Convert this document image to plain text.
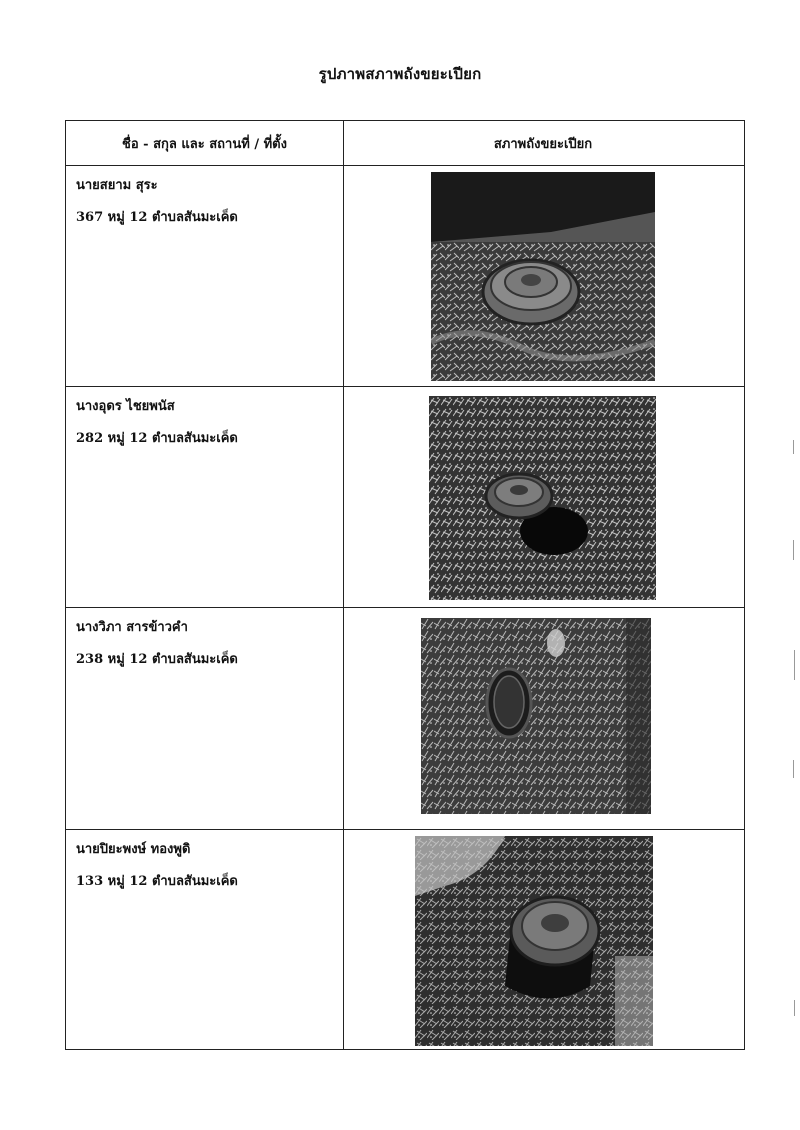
รูปภาพสภาพถังขยะเปียก
ชื่อ - สกุล และ สถานที่ / ที่ตั้ง	สภาพถังขยะเปียก
นายสยาม สุระ
367 หมู่ 12 ตำบลสันมะเค็ด
นางอุดร ไชยพนัส
282 หมู่ 12 ตำบลสันมะเค็ด
นางวิภา สารข้าวคำ
238 หมู่ 12 ตำบลสันมะเค็ด
นายปิยะพงษ์ ทองพูดิ
133 หมู่ 12 ตำบลสันมะเค็ด
